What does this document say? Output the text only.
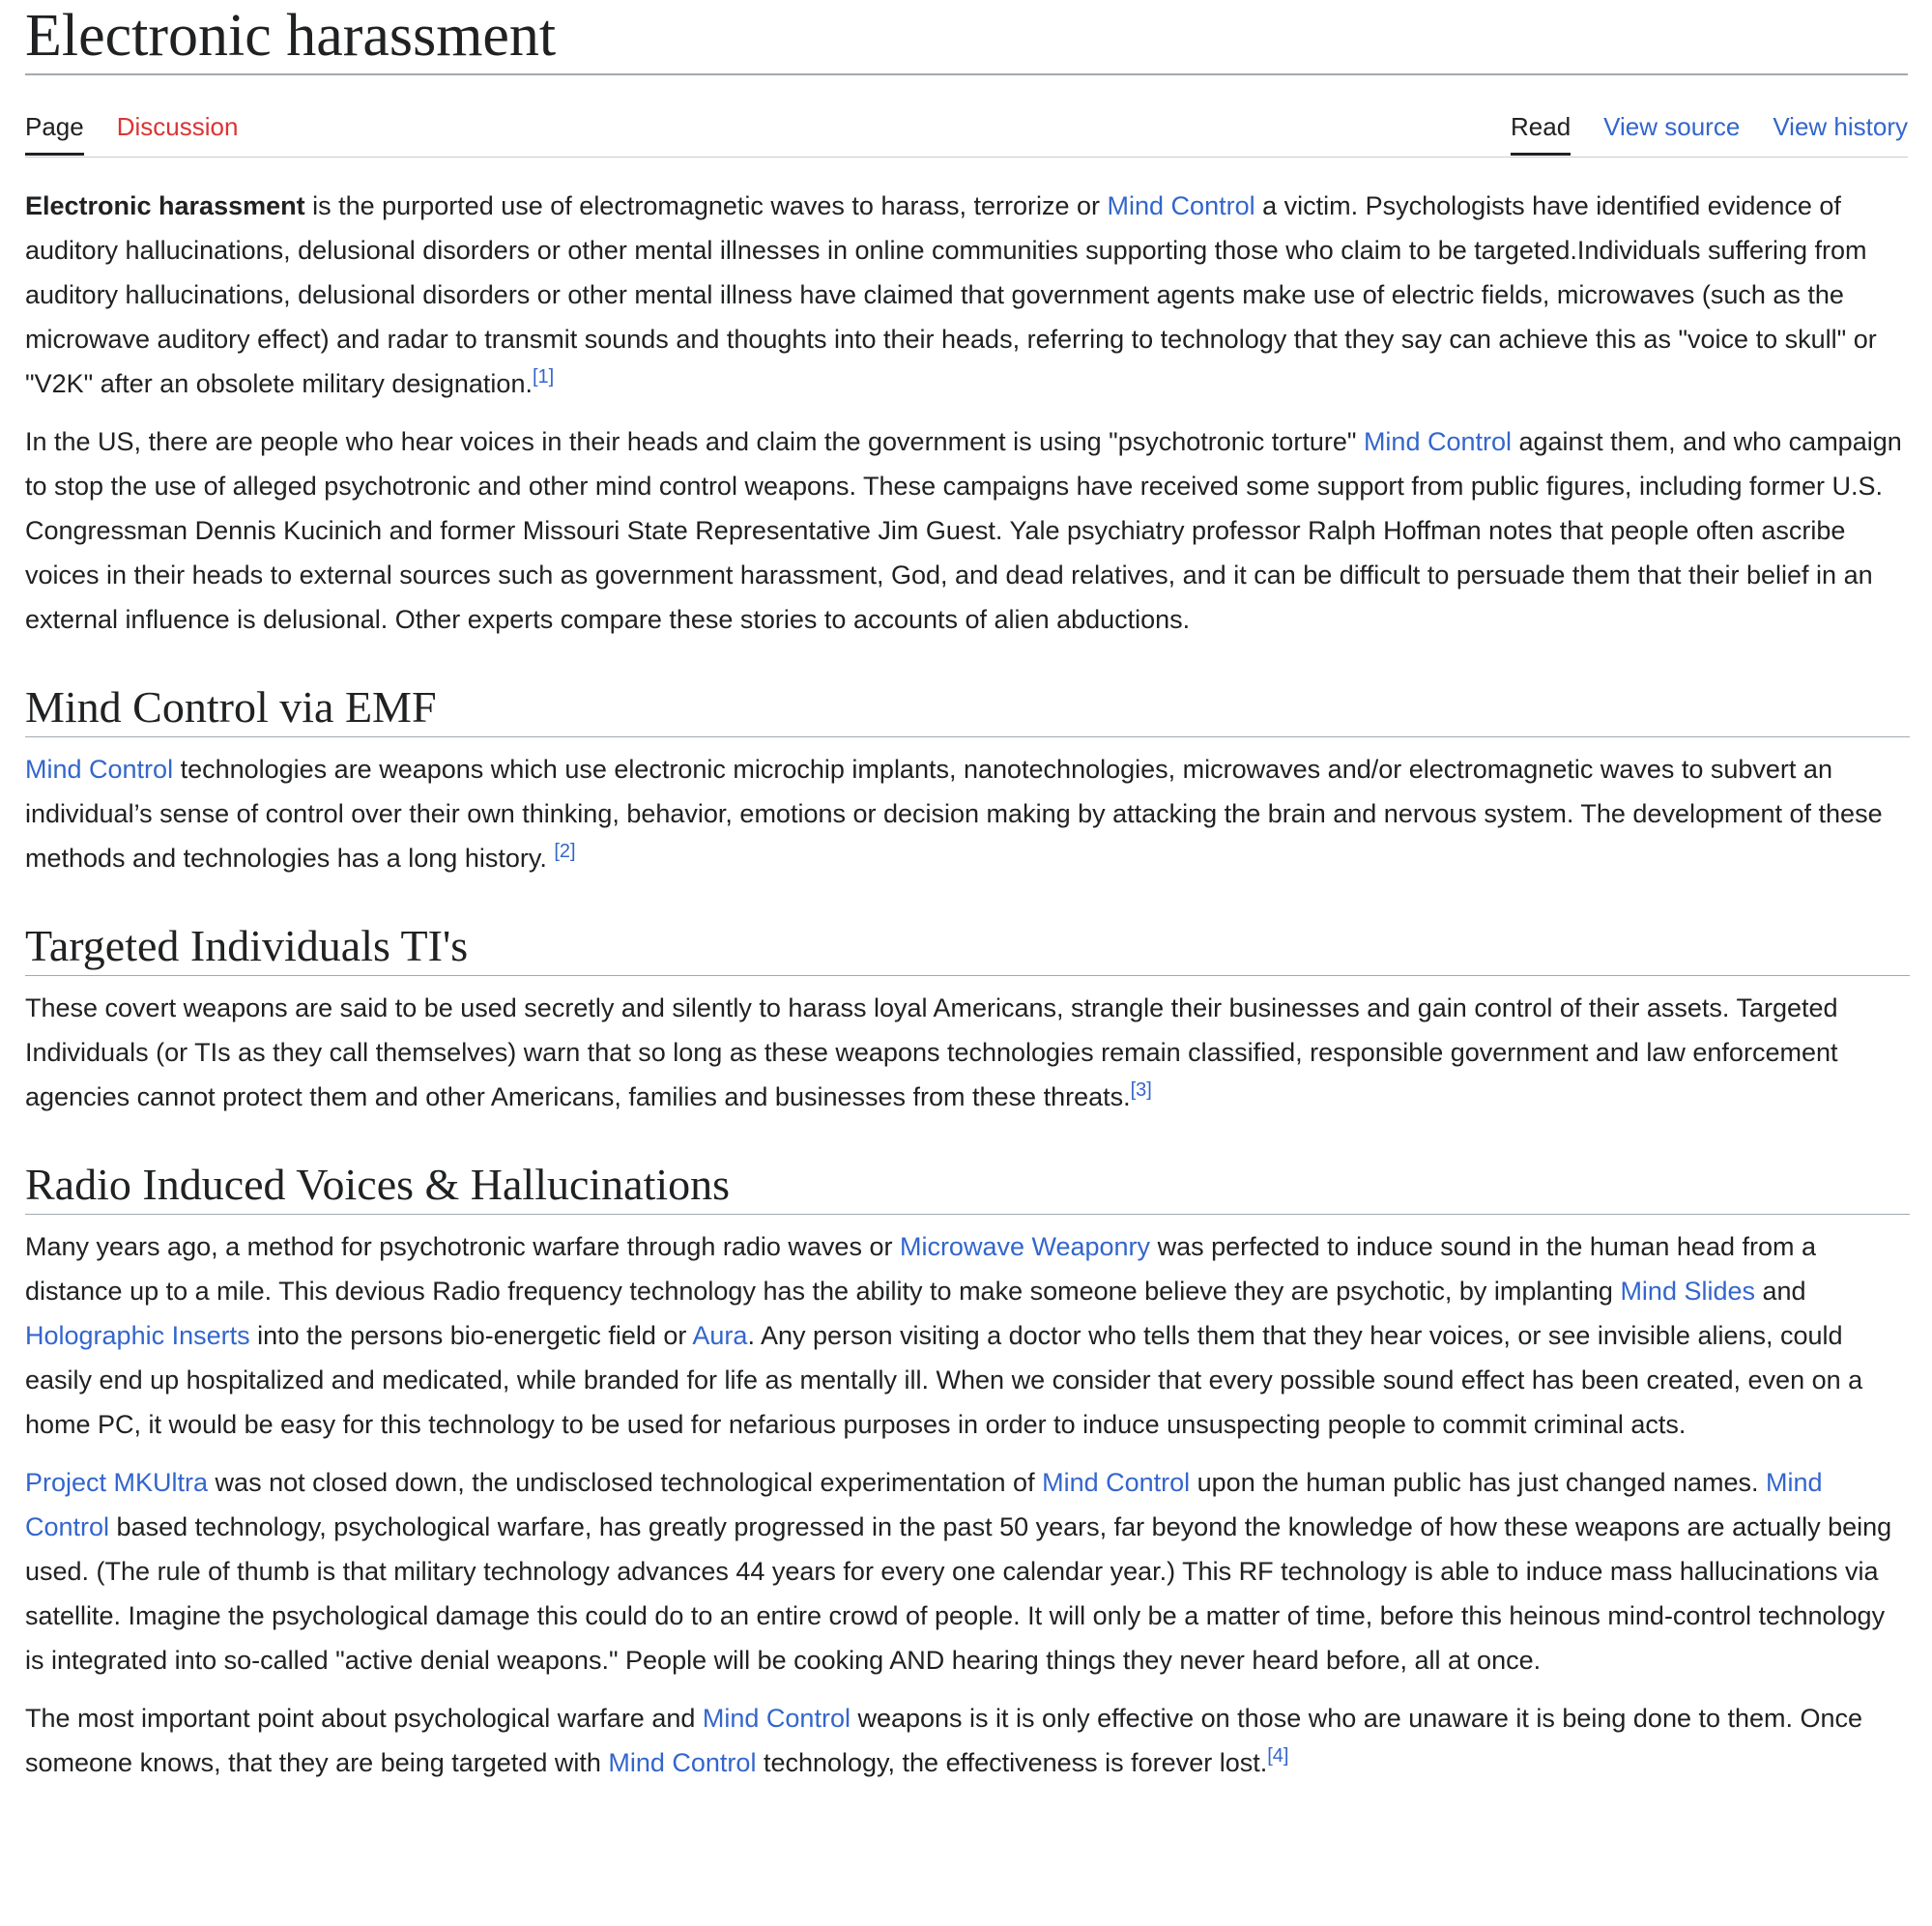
Electronic harassment
Page Discussion	Read View source View history

Electronic harassment is the purported use of electromagnetic waves to harass, terrorize or Mind Control a victim. Psychologists have identified evidence of auditory hallucinations, delusional disorders or other mental illnesses in online communities supporting those who claim to be targeted.Individuals suffering from auditory hallucinations, delusional disorders or other mental illness have claimed that government agents make use of electric fields, microwaves (such as the microwave auditory effect) and radar to transmit sounds and thoughts into their heads, referring to technology that they say can achieve this as "voice to skull" or "V2K" after an obsolete military designation.[1]

In the US, there are people who hear voices in their heads and claim the government is using "psychotronic torture" Mind Control against them, and who campaign to stop the use of alleged psychotronic and other mind control weapons. These campaigns have received some support from public figures, including former U.S. Congressman Dennis Kucinich and former Missouri State Representative Jim Guest. Yale psychiatry professor Ralph Hoffman notes that people often ascribe voices in their heads to external sources such as government harassment, God, and dead relatives, and it can be difficult to persuade them that their belief in an external influence is delusional. Other experts compare these stories to accounts of alien abductions.

Mind Control via EMF

Mind Control technologies are weapons which use electronic microchip implants, nanotechnologies, microwaves and/or electromagnetic waves to subvert an individual’s sense of control over their own thinking, behavior, emotions or decision making by attacking the brain and nervous system. The development of these methods and technologies has a long history. [2]

Targeted Individuals TI's

These covert weapons are said to be used secretly and silently to harass loyal Americans, strangle their businesses and gain control of their assets. Targeted Individuals (or TIs as they call themselves) warn that so long as these weapons technologies remain classified, responsible government and law enforcement agencies cannot protect them and other Americans, families and businesses from these threats.[3]

Radio Induced Voices & Hallucinations

Many years ago, a method for psychotronic warfare through radio waves or Microwave Weaponry was perfected to induce sound in the human head from a distance up to a mile. This devious Radio frequency technology has the ability to make someone believe they are psychotic, by implanting Mind Slides and Holographic Inserts into the persons bio-energetic field or Aura. Any person visiting a doctor who tells them that they hear voices, or see invisible aliens, could easily end up hospitalized and medicated, while branded for life as mentally ill. When we consider that every possible sound effect has been created, even on a home PC, it would be easy for this technology to be used for nefarious purposes in order to induce unsuspecting people to commit criminal acts.

Project MKUltra was not closed down, the undisclosed technological experimentation of Mind Control upon the human public has just changed names. Mind Control based technology, psychological warfare, has greatly progressed in the past 50 years, far beyond the knowledge of how these weapons are actually being used. (The rule of thumb is that military technology advances 44 years for every one calendar year.) This RF technology is able to induce mass hallucinations via satellite. Imagine the psychological damage this could do to an entire crowd of people. It will only be a matter of time, before this heinous mind-control technology is integrated into so-called "active denial weapons." People will be cooking AND hearing things they never heard before, all at once.

The most important point about psychological warfare and Mind Control weapons is it is only effective on those who are unaware it is being done to them. Once someone knows, that they are being targeted with Mind Control technology, the effectiveness is forever lost.[4]
